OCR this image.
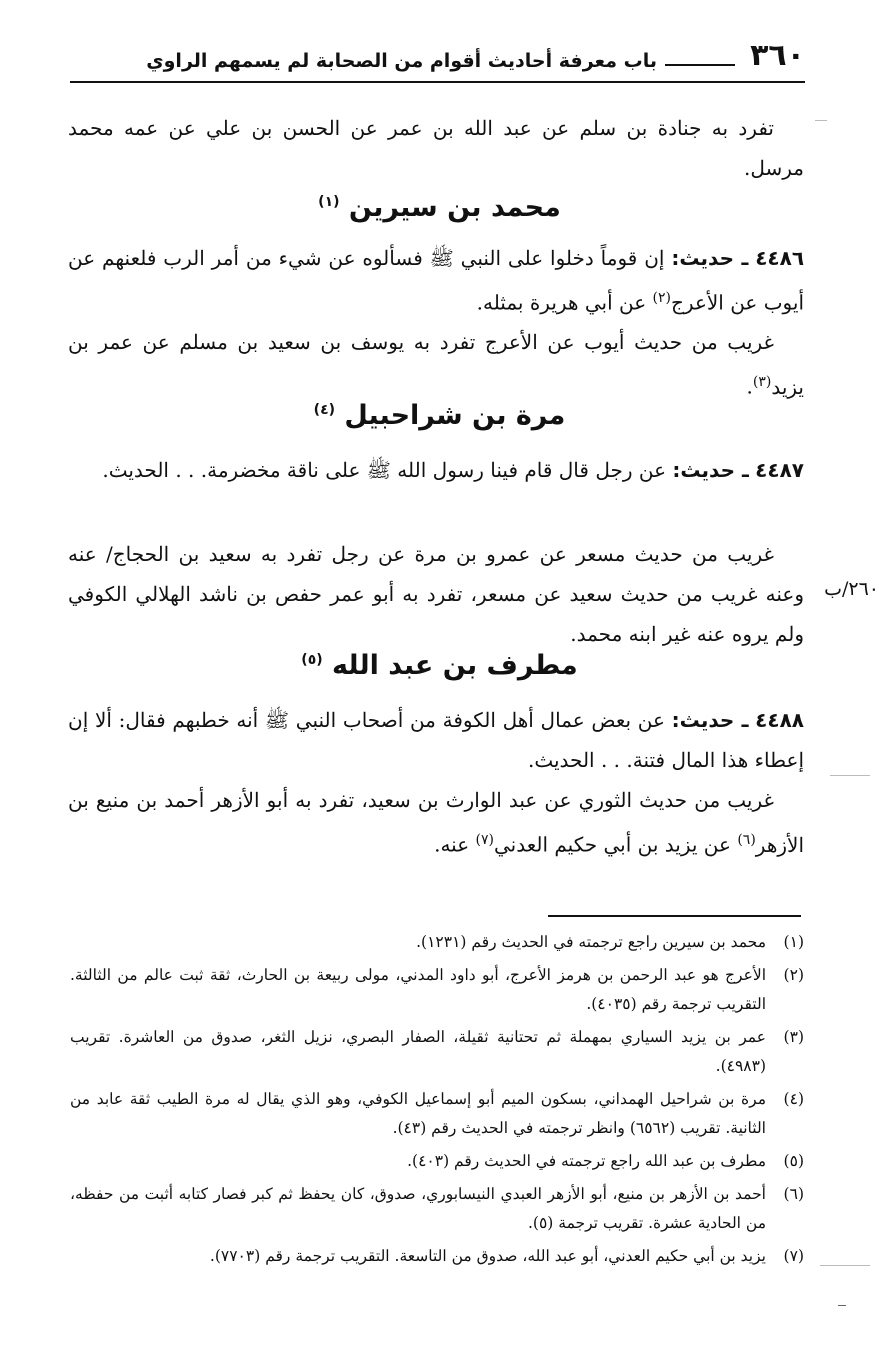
٣٦٠
باب معرفة أحاديث أقوام من الصحابة لم يسمهم الراوي
تفرد به جنادة بن سلم عن عبد الله بن عمر عن الحسن بن علي عن عمه محمد مرسل.
محمد بن سيرين $^{(١)}$
٤٤٨٦ ـ حديث: إن قوماً دخلوا على النبي ﷺ فسألوه عن شيء من أمر الرب فلعنهم عن أيوب عن الأعرج$^{(٢)}$ عن أبي هريرة بمثله.
غريب من حديث أيوب عن الأعرج تفرد به يوسف بن سعيد بن مسلم عن عمر بن يزيد$^{(٣)}$.
مرة بن شراحبيل $^{(٤)}$
٤٤٨٧ ـ حديث: عن رجل قال قام فينا رسول الله ﷺ على ناقة مخضرمة. . . الحديث.
٢٦٠/ب
غريب من حديث مسعر عن عمرو بن مرة عن رجل تفرد به سعيد بن الحجاج/ عنه وعنه غريب من حديث سعيد عن مسعر، تفرد به أبو عمر حفص بن ناشد الهلالي الكوفي ولم يروه عنه غير ابنه محمد.
مطرف بن عبد الله $^{(٥)}$
٤٤٨٨ ـ حديث: عن بعض عمال أهل الكوفة من أصحاب النبي ﷺ أنه خطبهم فقال: ألا إن إعطاء هذا المال فتنة. . . الحديث.
غريب من حديث الثوري عن عبد الوارث بن سعيد، تفرد به أبو الأزهر أحمد بن منيع بن الأزهر$^{(٦)}$ عن يزيد بن أبي حكيم العدني$^{(٧)}$ عنه.
(١)
محمد بن سيرين راجع ترجمته في الحديث رقم (١٢٣١).
(٢)
الأعرج هو عبد الرحمن بن هرمز الأعرج، أبو داود المدني، مولى ربيعة بن الحارث، ثقة ثبت عالم من الثالثة. التقريب ترجمة رقم (٤٠٣٥).
(٣)
عمر بن يزيد السياري بمهملة ثم تحتانية ثقيلة، الصفار البصري، نزيل الثغر، صدوق من العاشرة. تقريب (٤٩٨٣).
(٤)
مرة بن شراحيل الهمداني، بسكون الميم أبو إسماعيل الكوفي، وهو الذي يقال له مرة الطيب ثقة عابد من الثانية. تقريب (٦٥٦٢) وانظر ترجمته في الحديث رقم (٤٣).
(٥)
مطرف بن عبد الله راجع ترجمته في الحديث رقم (٤٠٣).
(٦)
أحمد بن الأزهر بن منيع، أبو الأزهر العبدي النيسابوري، صدوق، كان يحفظ ثم كبر فصار كتابه أثبت من حفظه، من الحادية عشرة. تقريب ترجمة (٥).
(٧)
يزيد بن أبي حكيم العدني، أبو عبد الله، صدوق من التاسعة. التقريب ترجمة رقم (٧٧٠٣).
